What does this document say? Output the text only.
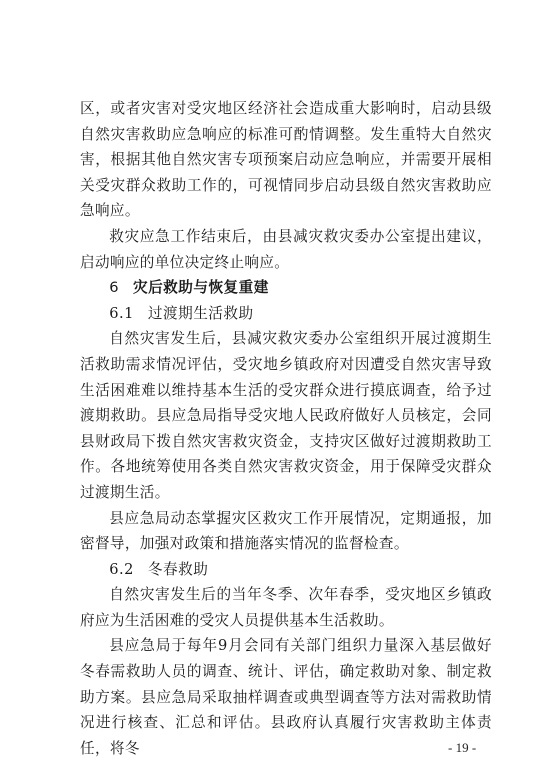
区，或者灾害对受灾地区经济社会造成重大影响时，启动县级自然灾害救助应急响应的标准可酌情调整。发生重特大自然灾害，根据其他自然灾害专项预案启动应急响应，并需要开展相关受灾群众救助工作的，可视情同步启动县级自然灾害救助应急响应。

救灾应急工作结束后，由县减灾救灾委办公室提出建议，启动响应的单位决定终止响应。

6 灾后救助与恢复重建
6.1 过渡期生活救助

自然灾害发生后，县减灾救灾委办公室组织开展过渡期生活救助需求情况评估，受灾地乡镇政府对因遭受自然灾害导致生活困难难以维持基本生活的受灾群众进行摸底调查，给予过渡期救助。县应急局指导受灾地人民政府做好人员核定，会同县财政局下拨自然灾害救灾资金，支持灾区做好过渡期救助工作。各地统筹使用各类自然灾害救灾资金，用于保障受灾群众过渡期生活。

县应急局动态掌握灾区救灾工作开展情况，定期通报，加密督导，加强对政策和措施落实情况的监督检查。

6.2 冬春救助

自然灾害发生后的当年冬季、次年春季，受灾地区乡镇政府应为生活困难的受灾人员提供基本生活救助。

县应急局于每年9月会同有关部门组织力量深入基层做好冬春需救助人员的调查、统计、评估，确定救助对象、制定救助方案。县应急局采取抽样调查或典型调查等方法对需救助情况进行核查、汇总和评估。县政府认真履行灾害救助主体责任，将冬	- 19 -
